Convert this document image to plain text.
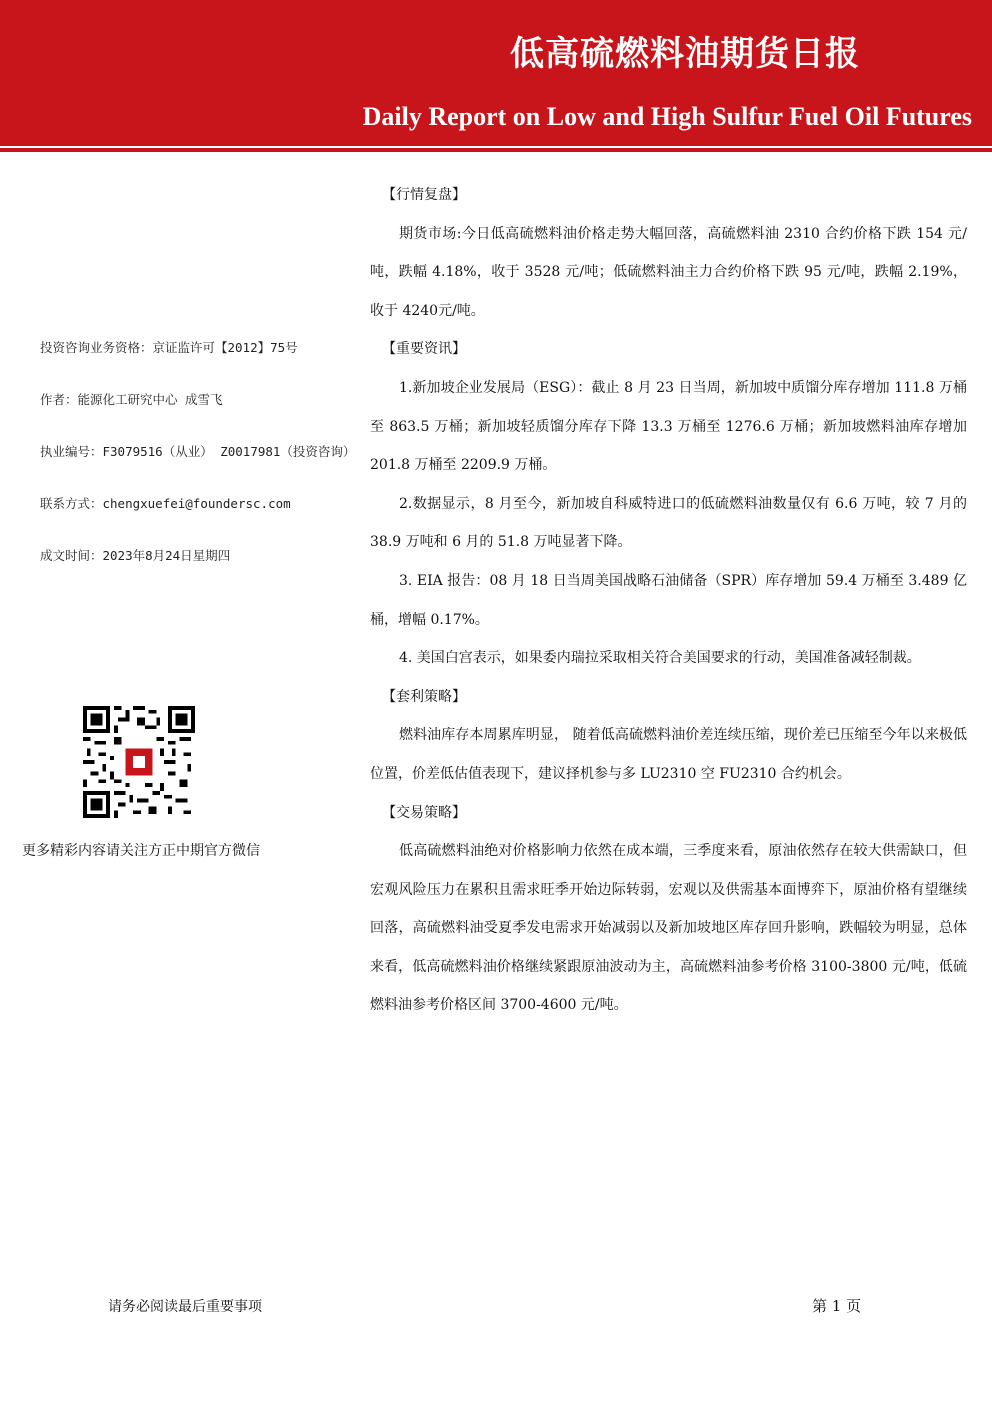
低高硫燃料油期货日报
Daily Report on Low and High Sulfur Fuel Oil Futures
投资咨询业务资格：京证监许可【2012】75号
作者：能源化工研究中心 成雪飞
执业编号：F3079516（从业） Z0017981（投资咨询）
联系方式：chengxuefei@foundersc.com
成文时间：2023年8月24日星期四
更多精彩内容请关注方正中期官方微信

【行情复盘】

期货市场:今日低高硫燃料油价格走势大幅回落，高硫燃料油 2310 合约价格下跌 154 元/吨，跌幅 4.18%，收于 3528 元/吨；低硫燃料油主力合约价格下跌 95 元/吨，跌幅 2.19%，收于 4240元/吨。

【重要资讯】

1.新加坡企业发展局（ESG）：截止 8 月 23 日当周，新加坡中质馏分库存增加 111.8 万桶至 863.5 万桶；新加坡轻质馏分库存下降 13.3 万桶至 1276.6 万桶；新加坡燃料油库存增加 201.8 万桶至 2209.9 万桶。

2.数据显示，8 月至今，新加坡自科威特进口的低硫燃料油数量仅有 6.6 万吨，较 7 月的 38.9 万吨和 6 月的 51.8 万吨显著下降。

3. EIA 报告：08 月 18 日当周美国战略石油储备（SPR）库存增加 59.4 万桶至 3.489 亿桶，增幅 0.17%。

4. 美国白宫表示，如果委内瑞拉采取相关符合美国要求的行动，美国准备减轻制裁。

【套利策略】

燃料油库存本周累库明显， 随着低高硫燃料油价差连续压缩，现价差已压缩至今年以来极低位置，价差低估值表现下，建议择机参与多 LU2310 空 FU2310 合约机会。

【交易策略】

低高硫燃料油绝对价格影响力依然在成本端，三季度来看，原油依然存在较大供需缺口，但宏观风险压力在累积且需求旺季开始边际转弱，宏观以及供需基本面博弈下，原油价格有望继续回落，高硫燃料油受夏季发电需求开始减弱以及新加坡地区库存回升影响，跌幅较为明显，总体来看，低高硫燃料油价格继续紧跟原油波动为主，高硫燃料油参考价格 3100-3800 元/吨，低硫燃料油参考价格区间 3700-4600 元/吨。

请务必阅读最后重要事项	第 1 页
